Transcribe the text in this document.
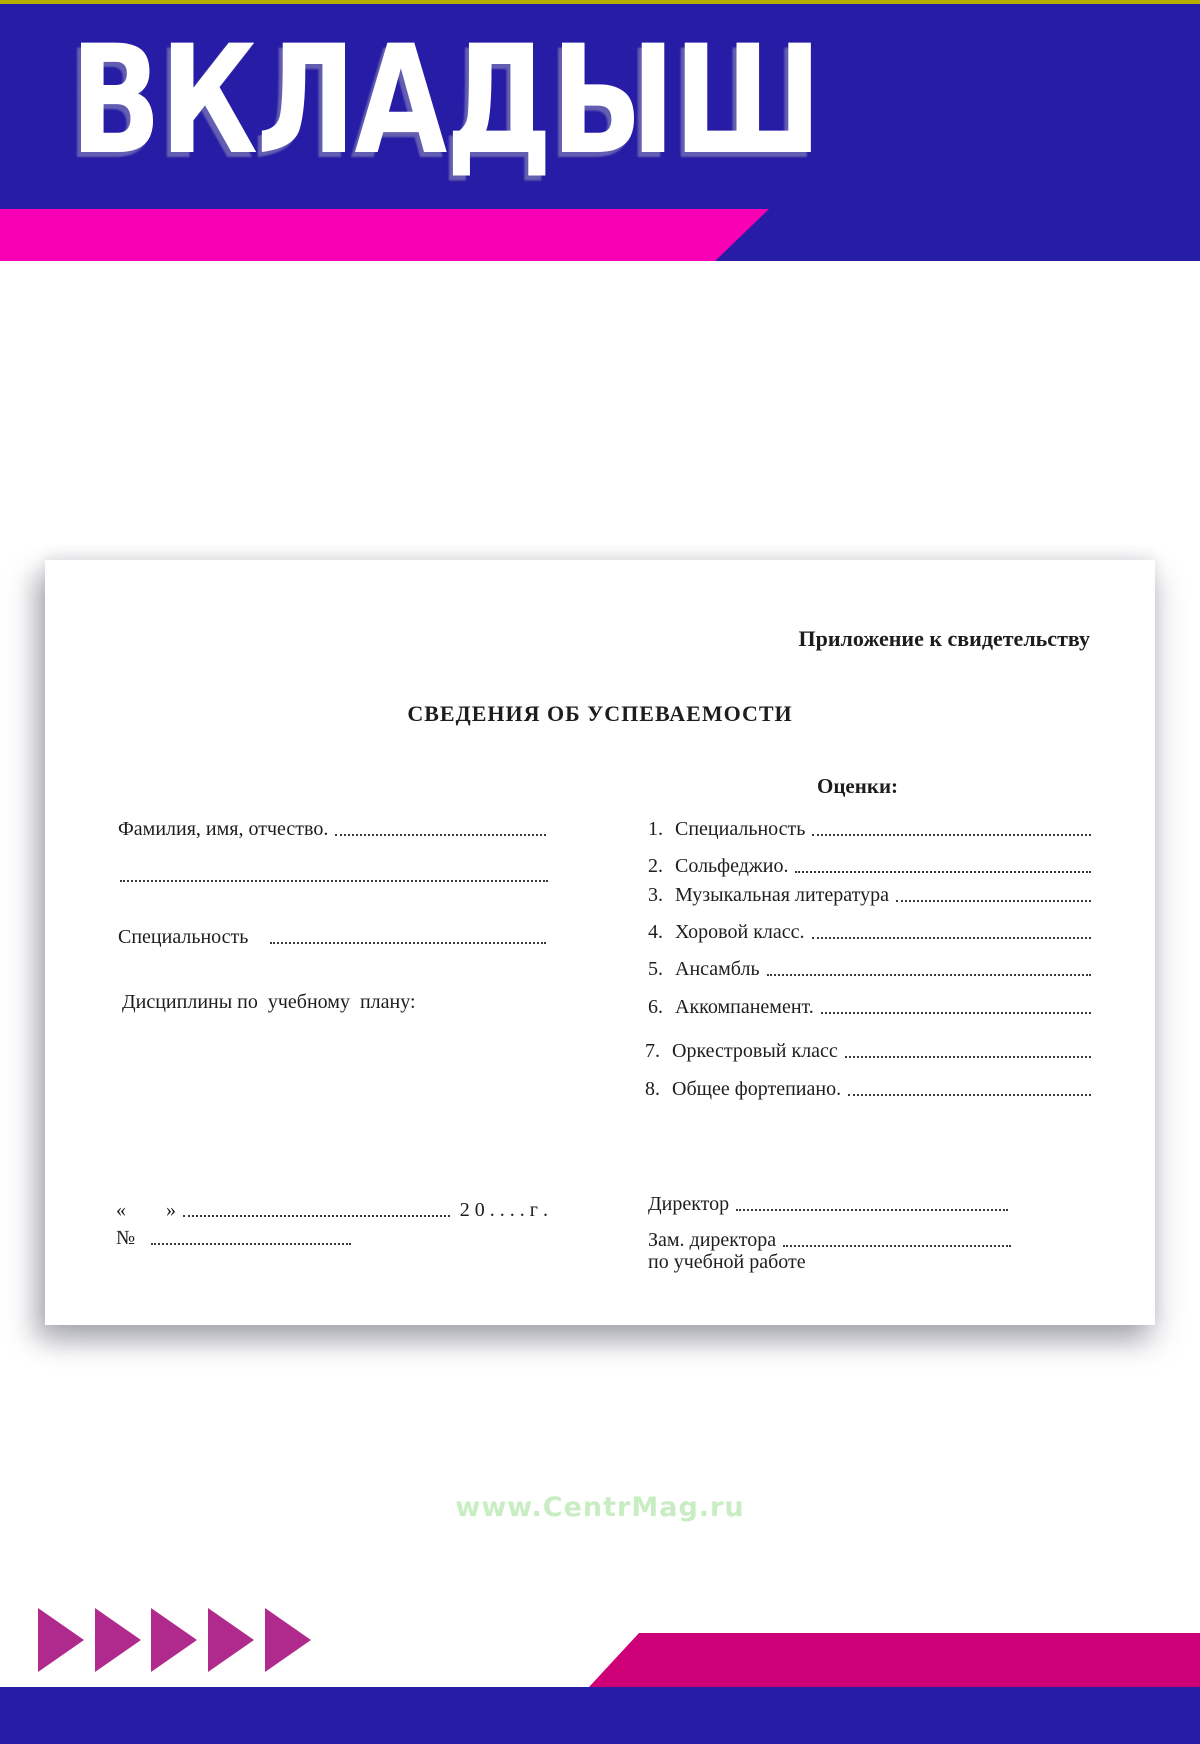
ВКЛАДЫШ
Приложение к свидетельству
СВЕДЕНИЯ ОБ УСПЕВАЕМОСТИ
Оценки:
Фамилия, имя, отчество.
Специальность
Дисциплины по  учебному  плану:
1. Специальность
2. Сольфеджио.
3. Музыкальная литература
4. Хоровой класс.
5. Ансамбль
6. Аккомпанемент.
7. Оркестровый класс
8. Общее фортепиано.
« »	2 0 . . . . г .
№
Директор
Зам. директора
по учебной работе
www.CentrMag.ru
